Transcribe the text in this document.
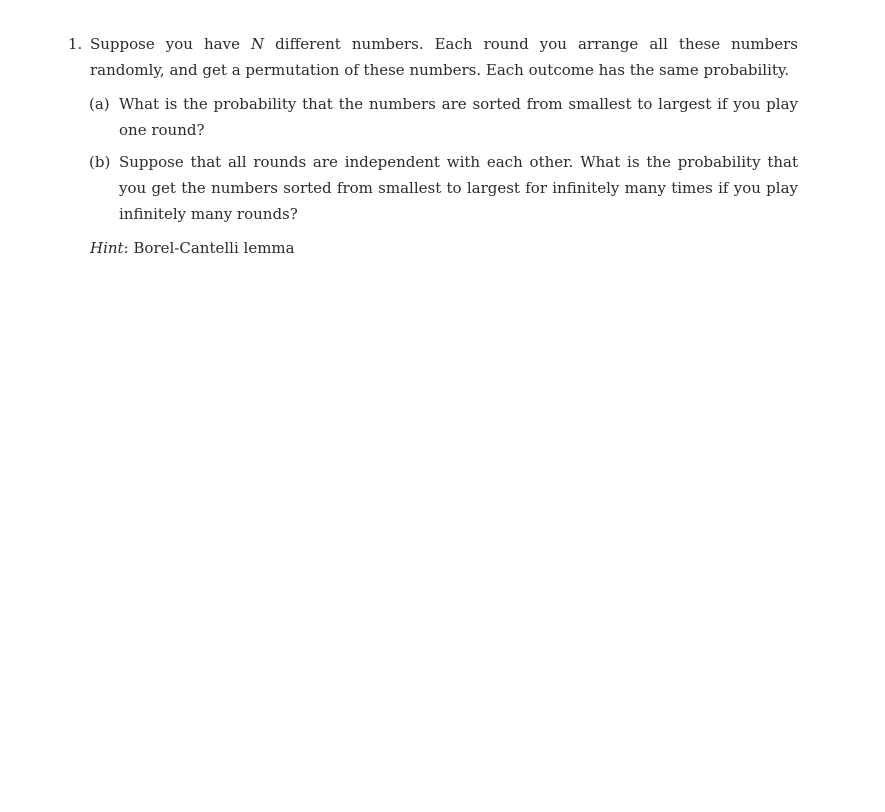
1. Suppose you have N different numbers. Each round you arrange all these numbers randomly, and get a permutation of these numbers. Each outcome has the same probability.
(a) What is the probability that the numbers are sorted from smallest to largest if you play one round?
(b) Suppose that all rounds are independent with each other. What is the probability that you get the numbers sorted from smallest to largest for infinitely many times if you play infinitely many rounds?
Hint: Borel-Cantelli lemma
